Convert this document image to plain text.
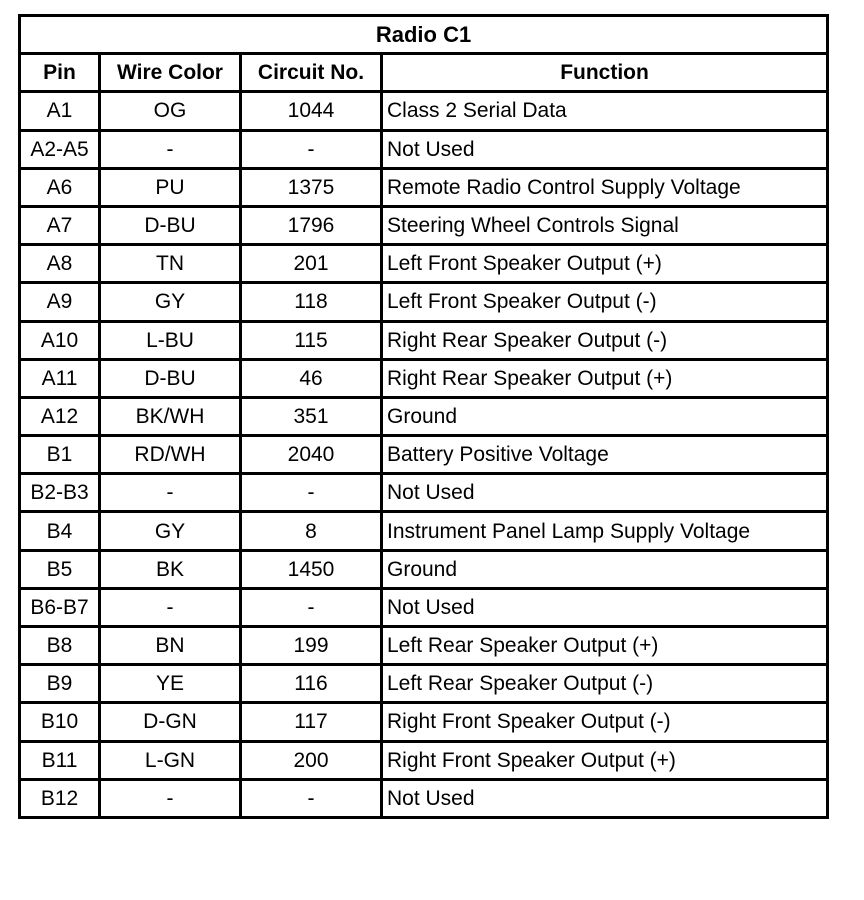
Radio C1			
Pin	Wire Color	Circuit No.	Function
A1	OG	1044	Class 2 Serial Data
A2-A5	-	-	Not Used
A6	PU	1375	Remote Radio Control Supply Voltage
A7	D-BU	1796	Steering Wheel Controls Signal
A8	TN	201	Left Front Speaker Output (+)
A9	GY	118	Left Front Speaker Output (-)
A10	L-BU	115	Right Rear Speaker Output (-)
A11	D-BU	46	Right Rear Speaker Output (+)
A12	BK/WH	351	Ground
B1	RD/WH	2040	Battery Positive Voltage
B2-B3	-	-	Not Used
B4	GY	8	Instrument Panel Lamp Supply Voltage
B5	BK	1450	Ground
B6-B7	-	-	Not Used
B8	BN	199	Left Rear Speaker Output (+)
B9	YE	116	Left Rear Speaker Output (-)
B10	D-GN	117	Right Front Speaker Output (-)
B11	L-GN	200	Right Front Speaker Output (+)
B12	-	-	Not Used
